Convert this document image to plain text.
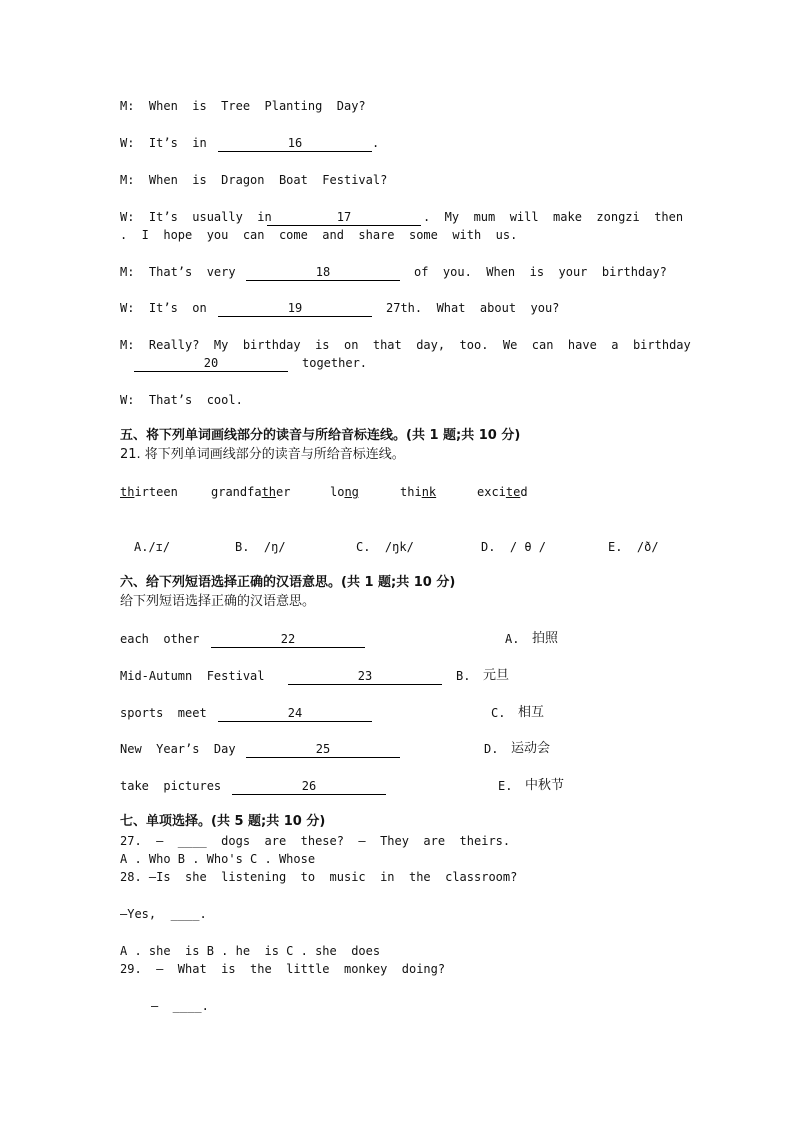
M:  When  is  Tree  Planting  Day?
W:  It’s  in	16	.
M:  When  is  Dragon  Boat  Festival?
W:  It’s  usually  in	17	.  My  mum  will  make  zongzi  then
.  I  hope  you  can  come  and  share  some  with  us.
M:  That’s  very	18	of  you.  When  is  your  birthday?
W:  It’s  on	19	27th.  What  about  you?
M:  Really?  My  birthday  is  on  that  day,  too.  We  can  have  a  birthday
20	together.
W:  That’s  cool.
五、将下列单词画线部分的读音与所给音标连线。(共 1 题;共 10 分)
21. 将下列单词画线部分的读音与所给音标连线。
thirteen	grandfather	long	think	excited
A./ɪ/	B.  /ŋ/	C.  /ŋk/	D.  / θ /	E.  /ð/
六、给下列短语选择正确的汉语意思。(共 1 题;共 10 分)
给下列短语选择正确的汉语意思。
each  other	22	A. 拍照
Mid-Autumn  Festival	23	B. 元旦
sports  meet	24	C. 相互
New  Year’s  Day	25	D. 运动会
take  pictures	26	E. 中秋节
七、单项选择。(共 5 题;共 10 分)
27.  —  ____  dogs  are  these?  —  They  are  theirs.
A . Who B . Who's C . Whose
28. —Is  she  listening  to  music  in  the  classroom?
—Yes,  ____.
A . she  is B . he  is C . she  does
29.  —  What  is  the  little  monkey  doing?
—  ____.
